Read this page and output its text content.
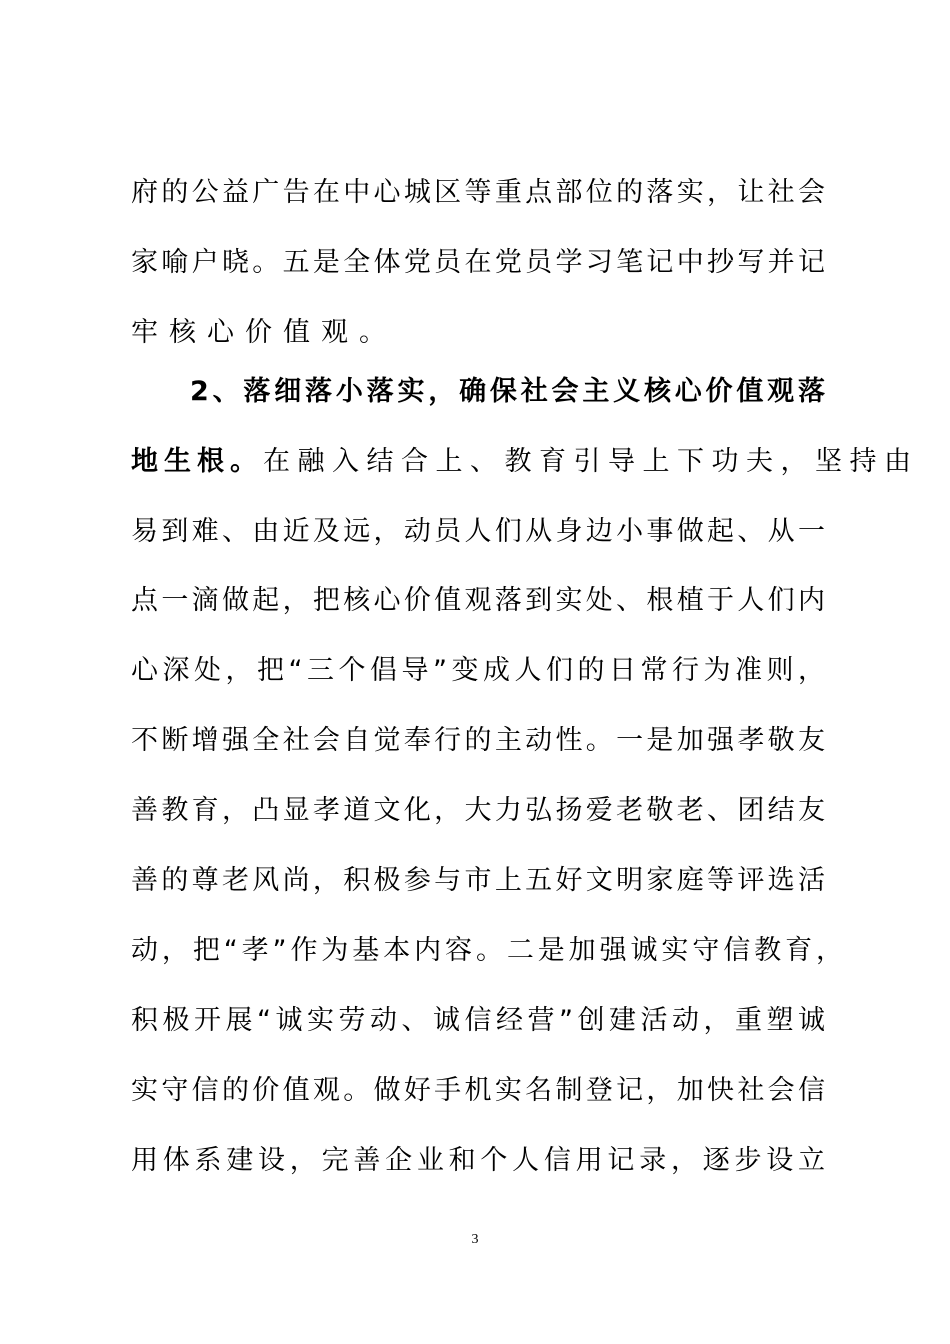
府的公益广告在中心城区等重点部位的落实，让社会
家喻户晓。五是全体党员在党员学习笔记中抄写并记
牢核心价值观。
2、落细落小落实，确保社会主义核心价值观落
地生根。在融入结合上、教育引导上下功夫，坚持由
易到难、由近及远，动员人们从身边小事做起、从一
点一滴做起，把核心价值观落到实处、根植于人们内
心深处，把“三个倡导”变成人们的日常行为准则，
不断增强全社会自觉奉行的主动性。一是加强孝敬友
善教育，凸显孝道文化，大力弘扬爱老敬老、团结友
善的尊老风尚，积极参与市上五好文明家庭等评选活
动，把“孝”作为基本内容。二是加强诚实守信教育，
积极开展“诚实劳动、诚信经营”创建活动，重塑诚
实守信的价值观。做好手机实名制登记，加快社会信
用体系建设，完善企业和个人信用记录，逐步设立
3
